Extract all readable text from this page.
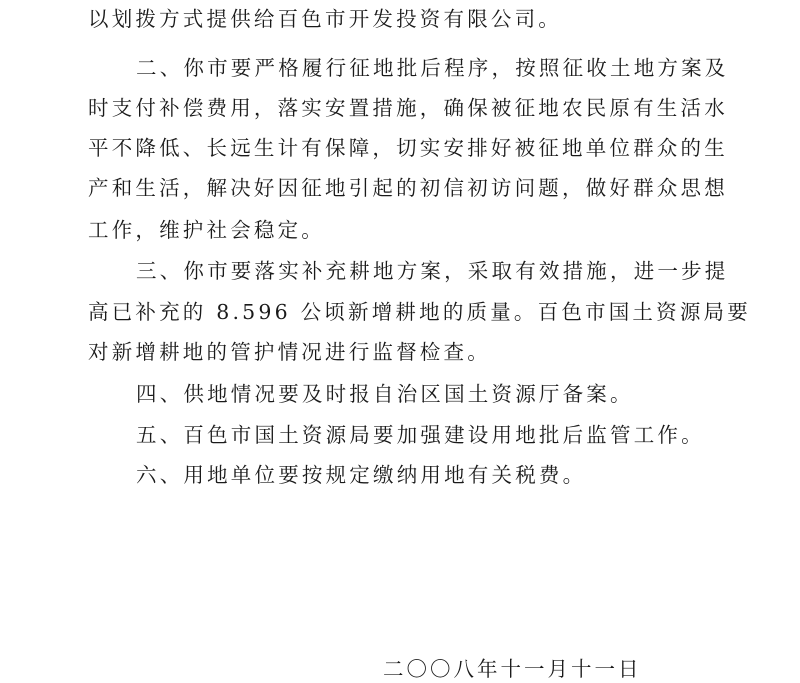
以划拨方式提供给百色市开发投资有限公司。
二、你市要严格履行征地批后程序，按照征收土地方案及
时支付补偿费用，落实安置措施，确保被征地农民原有生活水
平不降低、长远生计有保障，切实安排好被征地单位群众的生
产和生活，解决好因征地引起的初信初访问题，做好群众思想
工作，维护社会稳定。
三、你市要落实补充耕地方案，采取有效措施，进一步提
高已补充的 8.596 公顷新增耕地的质量。百色市国土资源局要
对新增耕地的管护情况进行监督检查。
四、供地情况要及时报自治区国土资源厅备案。
五、百色市国土资源局要加强建设用地批后监管工作。
六、用地单位要按规定缴纳用地有关税费。
二〇〇八年十一月十一日
